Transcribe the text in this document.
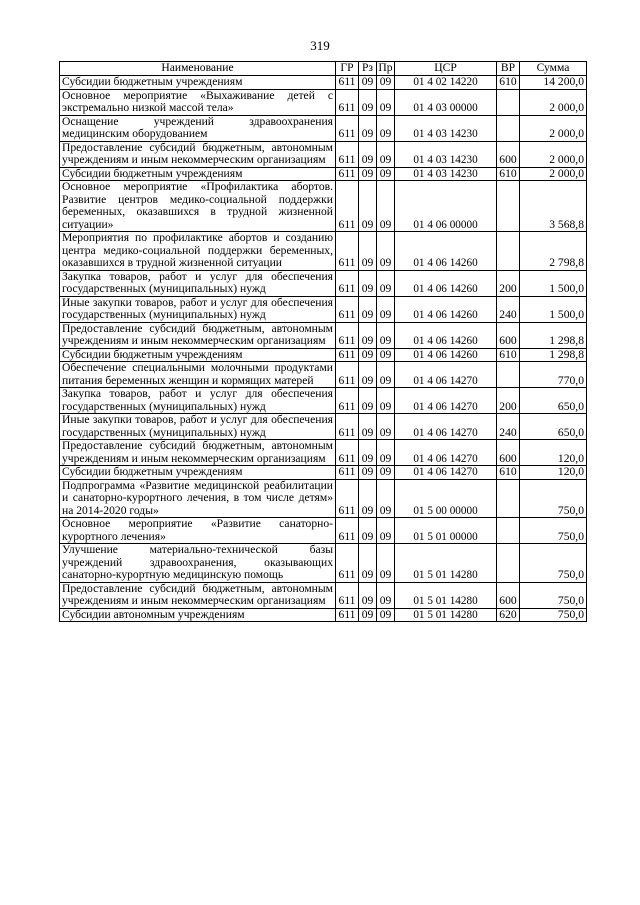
319
Наименование	ГР	Рз	Пр	ЦСР	ВР	Сумма
Субсидии бюджетным учреждениям	611	09	09	01 4 02 14220	610	14 200,0
Основное мероприятие «Выхаживание детей с экстремально низкой массой тела»	611	09	09	01 4 03 00000		2 000,0
Оснащение учреждений здравоохранения медицинским оборудованием	611	09	09	01 4 03 14230		2 000,0
Предоставление субсидий бюджетным, автономным учреждениям и иным некоммерческим организациям	611	09	09	01 4 03 14230	600	2 000,0
Субсидии бюджетным учреждениям	611	09	09	01 4 03 14230	610	2 000,0
Основное мероприятие «Профилактика абортов. Развитие центров медико-социальной поддержки беременных, оказавшихся в трудной жизненной ситуации»	611	09	09	01 4 06 00000		3 568,8
Мероприятия по профилактике абортов и созданию центра медико-социальной поддержки беременных, оказавшихся в трудной жизненной ситуации	611	09	09	01 4 06 14260		2 798,8
Закупка товаров, работ и услуг для обеспечения государственных (муниципальных) нужд	611	09	09	01 4 06 14260	200	1 500,0
Иные закупки товаров, работ и услуг для обеспечения государственных (муниципальных) нужд	611	09	09	01 4 06 14260	240	1 500,0
Предоставление субсидий бюджетным, автономным учреждениям и иным некоммерческим организациям	611	09	09	01 4 06 14260	600	1 298,8
Субсидии бюджетным учреждениям	611	09	09	01 4 06 14260	610	1 298,8
Обеспечение специальными молочными продуктами питания беременных женщин и кормящих матерей	611	09	09	01 4 06 14270		770,0
Закупка товаров, работ и услуг для обеспечения государственных (муниципальных) нужд	611	09	09	01 4 06 14270	200	650,0
Иные закупки товаров, работ и услуг для обеспечения государственных (муниципальных) нужд	611	09	09	01 4 06 14270	240	650,0
Предоставление субсидий бюджетным, автономным учреждениям и иным некоммерческим организациям	611	09	09	01 4 06 14270	600	120,0
Субсидии бюджетным учреждениям	611	09	09	01 4 06 14270	610	120,0
Подпрограмма «Развитие медицинской реабилитации и санаторно-курортного лечения, в том числе детям» на 2014-2020 годы»	611	09	09	01 5 00 00000		750,0
Основное мероприятие «Развитие санаторно-курортного лечения»	611	09	09	01 5 01 00000		750,0
Улучшение материально-технической базы учреждений здравоохранения, оказывающих санаторно-курортную медицинскую помощь	611	09	09	01 5 01 14280		750,0
Предоставление субсидий бюджетным, автономным учреждениям и иным некоммерческим организациям	611	09	09	01 5 01 14280	600	750,0
Субсидии автономным учреждениям	611	09	09	01 5 01 14280	620	750,0
